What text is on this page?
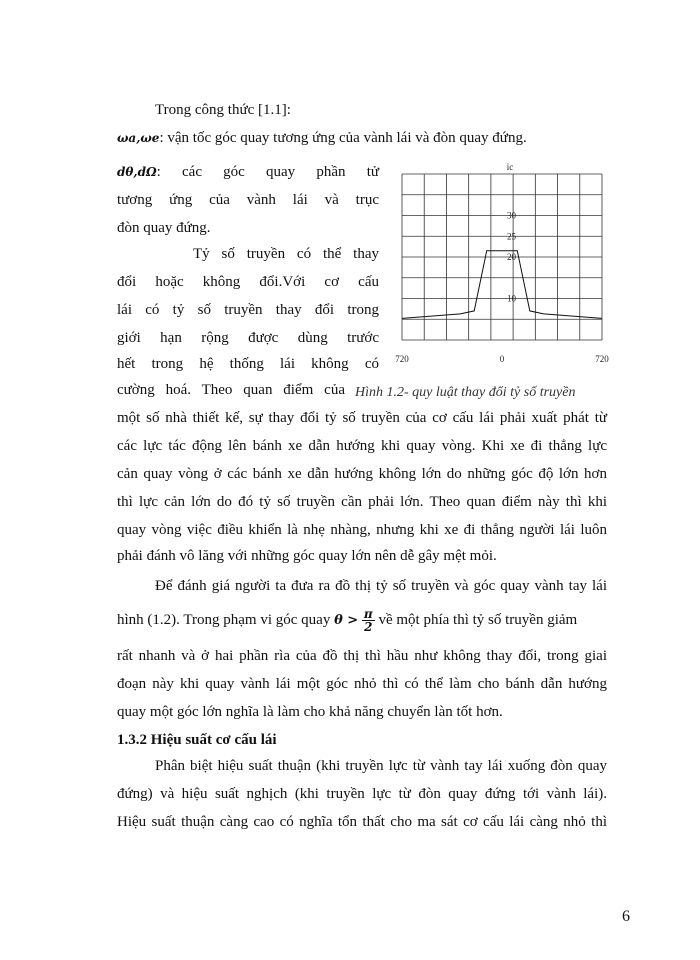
Trong công thức [1.1]:
ωa,ωe: vận tốc góc quay tương ứng của vành lái và đòn quay đứng.
dθ,dΩ: các góc quay phần tử
tương ứng của vành lái và trục
đòn quay đứng.
Tỷ số truyền có thể thay
đổi hoặc không đổi.Với cơ cấu
lái có tỷ số truyền thay đổi trong
giới hạn rộng được dùng trước
hết trong hệ thống lái không có
cường hoá. Theo quan điểm của
ic
30
25
20
10
720	0	720
Hình 1.2- quy luật thay đổi tỷ số truyền
một số nhà thiết kế, sự thay đổi tỷ số truyền của cơ cấu lái phải xuất phát từ
các lực tác động lên bánh xe dẫn hướng khi quay vòng. Khi xe đi thẳng lực
cản quay vòng ở các bánh xe dẫn hướng không lớn do những góc độ lớn hơn
thì lực cản lớn do đó tỷ số truyền cần phải lớn. Theo quan điểm này thì khi
quay vòng việc điều khiển là nhẹ nhàng, nhưng khi xe đi thẳng người lái luôn
phải đánh vô lăng với những góc quay lớn nên dễ gây mệt mỏi.
Để đánh giá người ta đưa ra đồ thị tỷ số truyền và góc quay vành tay lái
hình (1.2). Trong phạm vi góc quay $\theta > \frac{\pi}{2}$ về một phía thì tỷ số truyền giảm
rất nhanh và ở hai phần rìa của đồ thị thì hầu như không thay đổi, trong giai
đoạn này khi quay vành lái một góc nhỏ thì có thể làm cho bánh dẫn hướng
quay một góc lớn nghĩa là làm cho khả năng chuyển làn tốt hơn.
1.3.2 Hiệu suất cơ cấu lái
Phân biệt hiệu suất thuận (khi truyền lực từ vành tay lái xuống đòn quay
đứng) và hiệu suất nghịch (khi truyền lực từ đòn quay đứng tới vành lái).
Hiệu suất thuận càng cao có nghĩa tổn thất cho ma sát cơ cấu lái càng nhỏ thì
6
